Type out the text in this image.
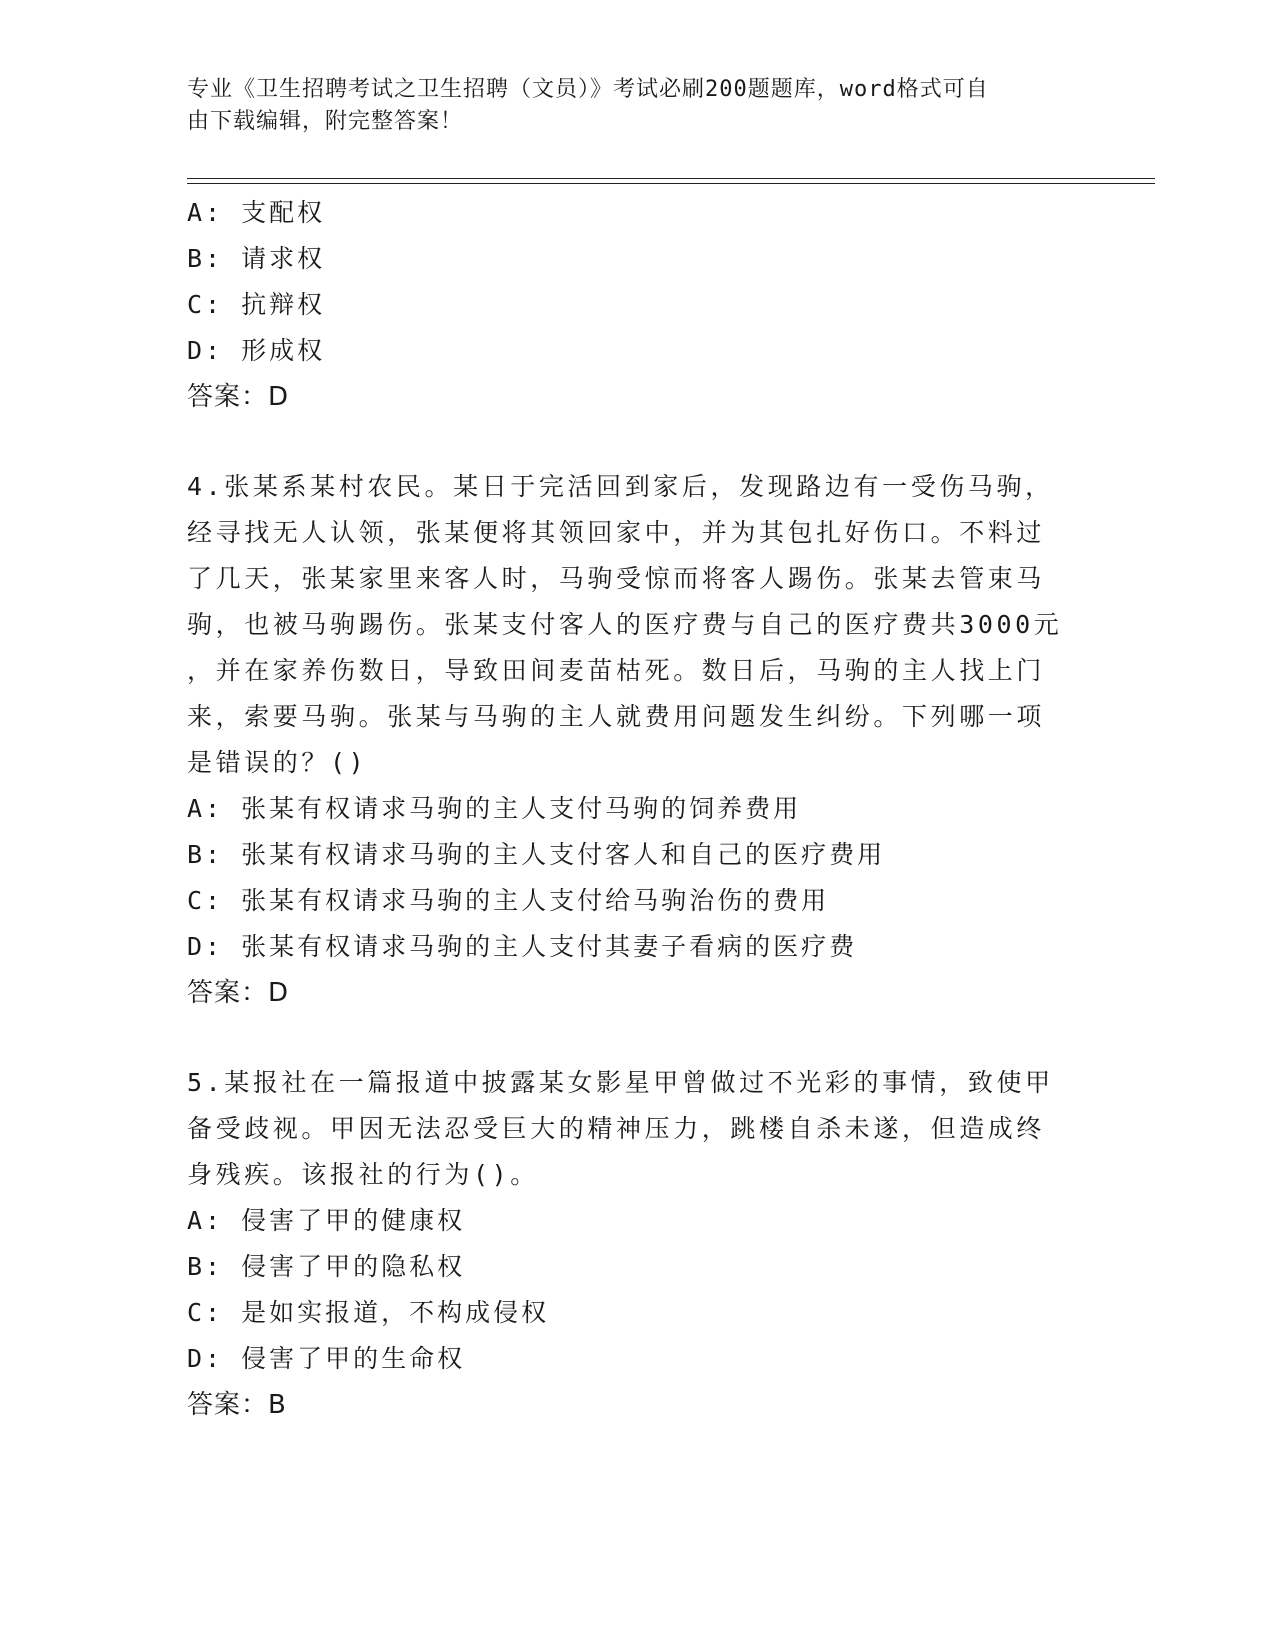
专业《卫生招聘考试之卫生招聘（文员）》考试必刷200题题库，word格式可自
由下载编辑，附完整答案！
A: 支配权
B: 请求权
C: 抗辩权
D: 形成权
答案：D
4.张某系某村农民。某日于完活回到家后，发现路边有一受伤马驹，
经寻找无人认领，张某便将其领回家中，并为其包扎好伤口。不料过
了几天，张某家里来客人时，马驹受惊而将客人踢伤。张某去管束马
驹，也被马驹踢伤。张某支付客人的医疗费与自己的医疗费共3000元
，并在家养伤数日，导致田间麦苗枯死。数日后，马驹的主人找上门
来，索要马驹。张某与马驹的主人就费用问题发生纠纷。下列哪一项
是错误的？()
A: 张某有权请求马驹的主人支付马驹的饲养费用
B: 张某有权请求马驹的主人支付客人和自己的医疗费用
C: 张某有权请求马驹的主人支付给马驹治伤的费用
D: 张某有权请求马驹的主人支付其妻子看病的医疗费
答案：D
5.某报社在一篇报道中披露某女影星甲曾做过不光彩的事情，致使甲
备受歧视。甲因无法忍受巨大的精神压力，跳楼自杀未遂，但造成终
身残疾。该报社的行为()。
A: 侵害了甲的健康权
B: 侵害了甲的隐私权
C: 是如实报道，不构成侵权
D: 侵害了甲的生命权
答案：B
